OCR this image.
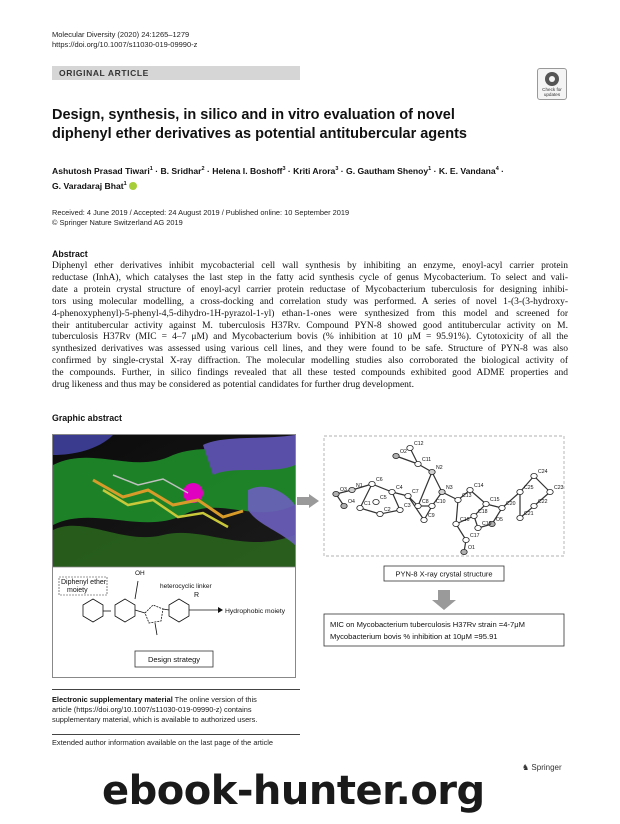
Molecular Diversity (2020) 24:1265–1279
https://doi.org/10.1007/s11030-019-09990-z
ORIGINAL ARTICLE
Check for
updates
Design, synthesis, in silico and in vitro evaluation of novel diphenyl ether derivatives as potential antitubercular agents
Ashutosh Prasad Tiwari$^1$ · B. Sridhar$^2$ · Helena I. Boshoff$^3$ · Kriti Arora$^3$ · G. Gautham Shenoy$^1$ · K. E. Vandana$^4$ ·
G. Varadaraj Bhat$^1$
Received: 4 June 2019 / Accepted: 24 August 2019 / Published online: 10 September 2019
© Springer Nature Switzerland AG 2019
Abstract
Diphenyl ether derivatives inhibit mycobacterial cell wall synthesis by inhibiting an enzyme, enoyl-acyl carrier protein
reductase (InhA), which catalyses the last step in the fatty acid synthesis cycle of genus Mycobacterium. To select and vali-
date a protein crystal structure of enoyl-acyl carrier protein reductase of Mycobacterium tuberculosis for designing inhibi-
tors using molecular modelling, a cross-docking and correlation study was performed. A series of novel 1-(3-(3-hydroxy-
4-phenoxyphenyl)-5-phenyl-4,5-dihydro-1H-pyrazol-1-yl) ethan-1-ones were synthesized from this model and screened for
their antitubercular activity against M. tuberculosis H37Rv. Compound PYN-8 showed good antitubercular activity on M.
tuberculosis H37Rv (MIC = 4–7 μM) and Mycobacterium bovis (% inhibition at 10 μM = 95.91%). Cytotoxicity of all the
synthesized derivatives was assessed using various cell lines, and they were found to be safe. Structure of PYN-8 was also
confirmed by single-crystal X-ray diffraction. The molecular modelling studies also corroborated the biological activity of
the compounds. Further, in silico findings revealed that all these tested compounds exhibited good ADME properties and
drug likeness and thus may be considered as potential candidates for further drug development.
Graphic abstract
Diphenyl ether
moiety
OH
heterocyclic linker
R
Hydrophobic moiety
Design strategy
C12
O2
C11
N2
O3
N1
C6
C5
C4
C7
C8
N3	C14
C15
C24
C23
C25
C20	C22
C21
O5
C19
C1
C2
C3
C9
C10
C13
C16
C17
C18
O4
O1
PYN-8 X-ray crystal structure
MIC on Mycobacterium tuberculosis H37Rv strain =4-7μM
Mycobacterium bovis % inhibition at 10μM =95.91
Electronic supplementary material The online version of this
article (https://doi.org/10.1007/s11030-019-09990-z) contains
supplementary material, which is available to authorized users.
Extended author information available on the last page of the article
♞ Springer
ebook-hunter.org
